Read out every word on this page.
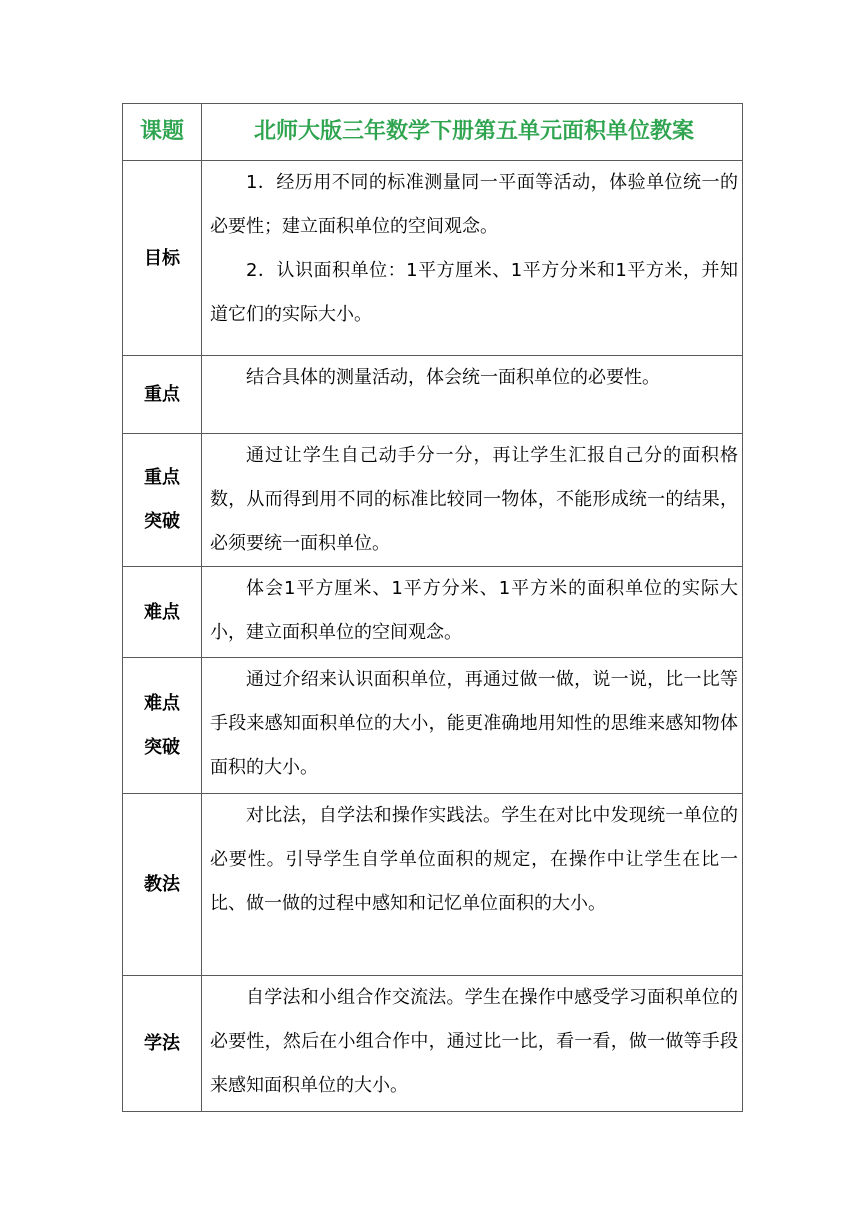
课题	北师大版三年数学下册第五单元面积单位教案

目标	1．经历用不同的标准测量同一平面等活动，体验单位统一的必要性；建立面积单位的空间观念。

2．认识面积单位：1平方厘米、1平方分米和1平方米，并知道它们的实际大小。

重点	结合具体的测量活动，体会统一面积单位的必要性。

重点突破	通过让学生自己动手分一分，再让学生汇报自己分的面积格数，从而得到用不同的标准比较同一物体，不能形成统一的结果，必须要统一面积单位。

难点	体会1平方厘米、1平方分米、1平方米的面积单位的实际大小，建立面积单位的空间观念。

难点突破	通过介绍来认识面积单位，再通过做一做，说一说，比一比等手段来感知面积单位的大小，能更准确地用知性的思维来感知物体面积的大小。

教法	对比法，自学法和操作实践法。学生在对比中发现统一单位的必要性。引导学生自学单位面积的规定，在操作中让学生在比一比、做一做的过程中感知和记忆单位面积的大小。

学法	自学法和小组合作交流法。学生在操作中感受学习面积单位的必要性，然后在小组合作中，通过比一比，看一看，做一做等手段来感知面积单位的大小。
